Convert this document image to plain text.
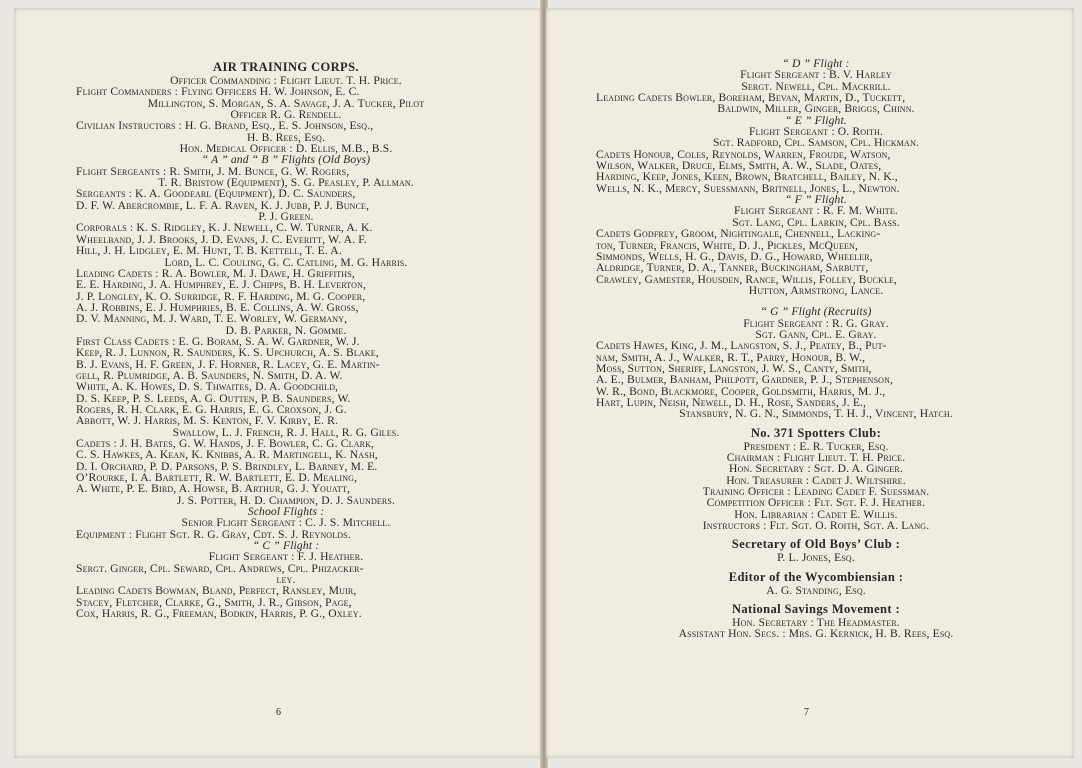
AIR TRAINING CORPS.
Officer Commanding : Flight Lieut. T. H. Price.
Flight Commanders : Flying Officers H. W. Johnson, E. C.
Millington, S. Morgan, S. A. Savage, J. A. Tucker, Pilot
Officer R. G. Rendell.
Civilian Instructors : H. G. Brand, Esq., E. S. Johnson, Esq.,
H. B. Rees, Esq.
Hon. Medical Officer : D. Ellis, M.B., B.S.
“ A ” and “ B ” Flights (Old Boys)
Flight Sergeants : R. Smith, J. M. Bunce, G. W. Rogers,
T. R. Bristow (Equipment), S. G. Peasley, P. Allman.
Sergeants : K. A. Goodearl (Equipment), D. C. Saunders,
D. F. W. Abercrombie, L. F. A. Raven, K. J. Jubb, P. J. Bunce,
P. J. Green.
Corporals : K. S. Ridgley, K. J. Newell, C. W. Turner, A. K.
Wheelband, J. J. Brooks, J. D. Evans, J. C. Everitt, W. A. F.
Hill, J. H. Lidgley, E. M. Hunt, T. B. Kettell, T. E. A.
Lord, L. C. Couling, G. C. Catling, M. G. Harris.
Leading Cadets : R. A. Bowler, M. J. Dawe, H. Griffiths,
E. E. Harding, J. A. Humphrey, E. J. Chipps, B. H. Leverton,
J. P. Longley, K. O. Surridge, R. F. Harding, M. G. Cooper,
A. J. Robbins, E. J. Humphries, B. E. Collins, A. W. Gross,
D. V. Manning, M. J. Ward, T. E. Worley, W. Germany,
D. B. Parker, N. Gomme.
First Class Cadets : E. G. Boram, S. A. W. Gardner, W. J.
Keep, R. J. Lunnon, R. Saunders, K. S. Upchurch, A. S. Blake,
B. J. Evans, H. F. Green, J. F. Horner, R. Lacey, G. E. Martin-
gell, R. Plumridge, A. B. Saunders, N. Smith, D. A. W.
White, A. K. Howes, D. S. Thwaites, D. A. Goodchild,
D. S. Keep, P. S. Leeds, A. G. Outten, P. B. Saunders, W.
Rogers, R. H. Clark, E. G. Harris, E. G. Croxson, J. G.
Abbott, W. J. Harris, M. S. Kenton, F. V. Kirby, E. R.
Swallow, L. J. French, R. J. Hall, R. G. Giles.
Cadets : J. H. Bates, G. W. Hands, J. F. Bowler, C. G. Clark,
C. S. Hawkes, A. Kean, K. Knibbs, A. R. Martingell, K. Nash,
D. I. Orchard, P. D. Parsons, P. S. Brindley, L. Barney, M. E.
O’Rourke, I. A. Bartlett, R. W. Bartlett, E. D. Mealing,
A. White, P. E. Bird, A. Howse, B. Arthur, G. J. Youatt,
J. S. Potter, H. D. Champion, D. J. Saunders.
School Flights :
Senior Flight Sergeant : C. J. S. Mitchell.
Equipment : Flight Sgt. R. G. Gray, Cdt. S. J. Reynolds.
“ C ” Flight :
Flight Sergeant : F. J. Heather.
Sergt. Ginger, Cpl. Seward, Cpl. Andrews, Cpl. Phizacker-
ley.
Leading Cadets Bowman, Bland, Perfect, Ransley, Muir,
Stacey, Fletcher, Clarke, G., Smith, J. R., Gibson, Page,
Cox, Harris, R. G., Freeman, Bodkin, Harris, P. G., Oxley.
6
“ D ” Flight :
Flight Sergeant : B. V. Harley
Sergt. Newell, Cpl. Mackrill.
Leading Cadets Bowler, Boreham, Bevan, Martin, D., Tuckett,
Baldwin, Miller, Ginger, Briggs, Chinn.
“ E ” Flight.
Flight Sergeant : O. Roith.
Sgt. Radford, Cpl. Samson, Cpl. Hickman.
Cadets Honour, Coles, Reynolds, Warren, Froude, Watson,
Wilson, Walker, Druce, Elms, Smith, A. W., Slade, Oates,
Harding, Keep, Jones, Keen, Brown, Bratchell, Bailey, N. K.,
Wells, N. K., Mercy, Suessmann, Britnell, Jones, L., Newton.
“ F ” Flight.
Flight Sergeant : R. F. M. White.
Sgt. Lang, Cpl. Larkin, Cpl. Bass.
Cadets Godfrey, Groom, Nightingale, Chennell, Lacking-
ton, Turner, Francis, White, D. J., Pickles, McQueen,
Simmonds, Wells, H. G., Davis, D. G., Howard, Wheeler,
Aldridge, Turner, D. A., Tanner, Buckingham, Sarbutt,
Crawley, Gamester, Housden, Rance, Willis, Folley, Buckle,
Hutton, Armstrong, Lance.
“ G ” Flight (Recruits)
Flight Sergeant : R. G. Gray.
Sgt. Gann, Cpl. E. Gray.
Cadets Hawes, King, J. M., Langston, S. J., Peatey, B., Put-
nam, Smith, A. J., Walker, R. T., Parry, Honour, B. W.,
Moss, Sutton, Sheriff, Langston, J. W. S., Canty, Smith,
A. E., Bulmer, Banham, Philpott, Gardner, P. J., Stephenson,
W. R., Bond, Blackmore, Cooper, Goldsmith, Harris, M. J.,
Hart, Lupin, Neish, Newell, D. H., Rose, Sanders, J. E.,
Stansbury, N. G. N., Simmonds, T. H. J., Vincent, Hatch.
No. 371 Spotters Club:
President : E. R. Tucker, Esq.
Chairman : Flight Lieut. T. H. Price.
Hon. Secretary : Sgt. D. A. Ginger.
Hon. Treasurer : Cadet J. Wiltshire.
Training Officer : Leading Cadet F. Suessman.
Competition Officer : Flt. Sgt. F. J. Heather.
Hon. Librarian : Cadet E. Willis.
Instructors : Flt. Sgt. O. Roith, Sgt. A. Lang.
Secretary of Old Boys’ Club :
P. L. Jones, Esq.
Editor of the Wycombiensian :
A. G. Standing, Esq.
National Savings Movement :
Hon. Secretary : The Headmaster.
Assistant Hon. Secs. : Mrs. G. Kernick, H. B. Rees, Esq.
7
